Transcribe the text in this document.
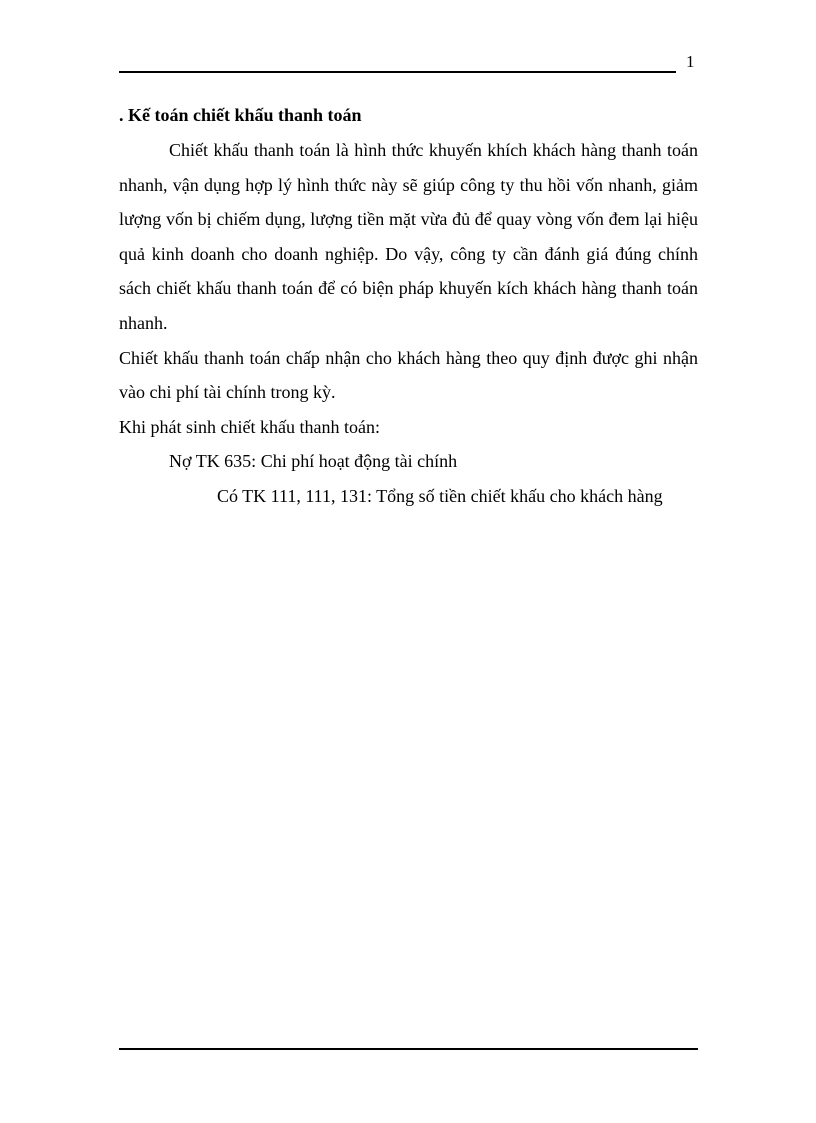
1

. Kế toán chiết khấu thanh toán

Chiết khấu thanh toán là hình thức khuyến khích khách hàng thanh toán nhanh, vận dụng hợp lý hình thức này sẽ giúp công ty thu hồi vốn nhanh, giảm lượng vốn bị chiếm dụng, lượng tiền mặt vừa đủ để quay vòng vốn đem lại hiệu quả kinh doanh cho doanh nghiệp. Do vậy, công ty cần đánh giá đúng chính sách chiết khấu thanh toán để có biện pháp khuyến kích khách hàng thanh toán nhanh.

Chiết khấu thanh toán chấp nhận cho khách hàng theo quy định được ghi nhận vào chi phí tài chính trong kỳ.

Khi phát sinh chiết khấu thanh toán:

Nợ TK 635: Chi phí hoạt động tài chính

Có TK 111, 111, 131: Tổng số tiền chiết khấu cho khách hàng
